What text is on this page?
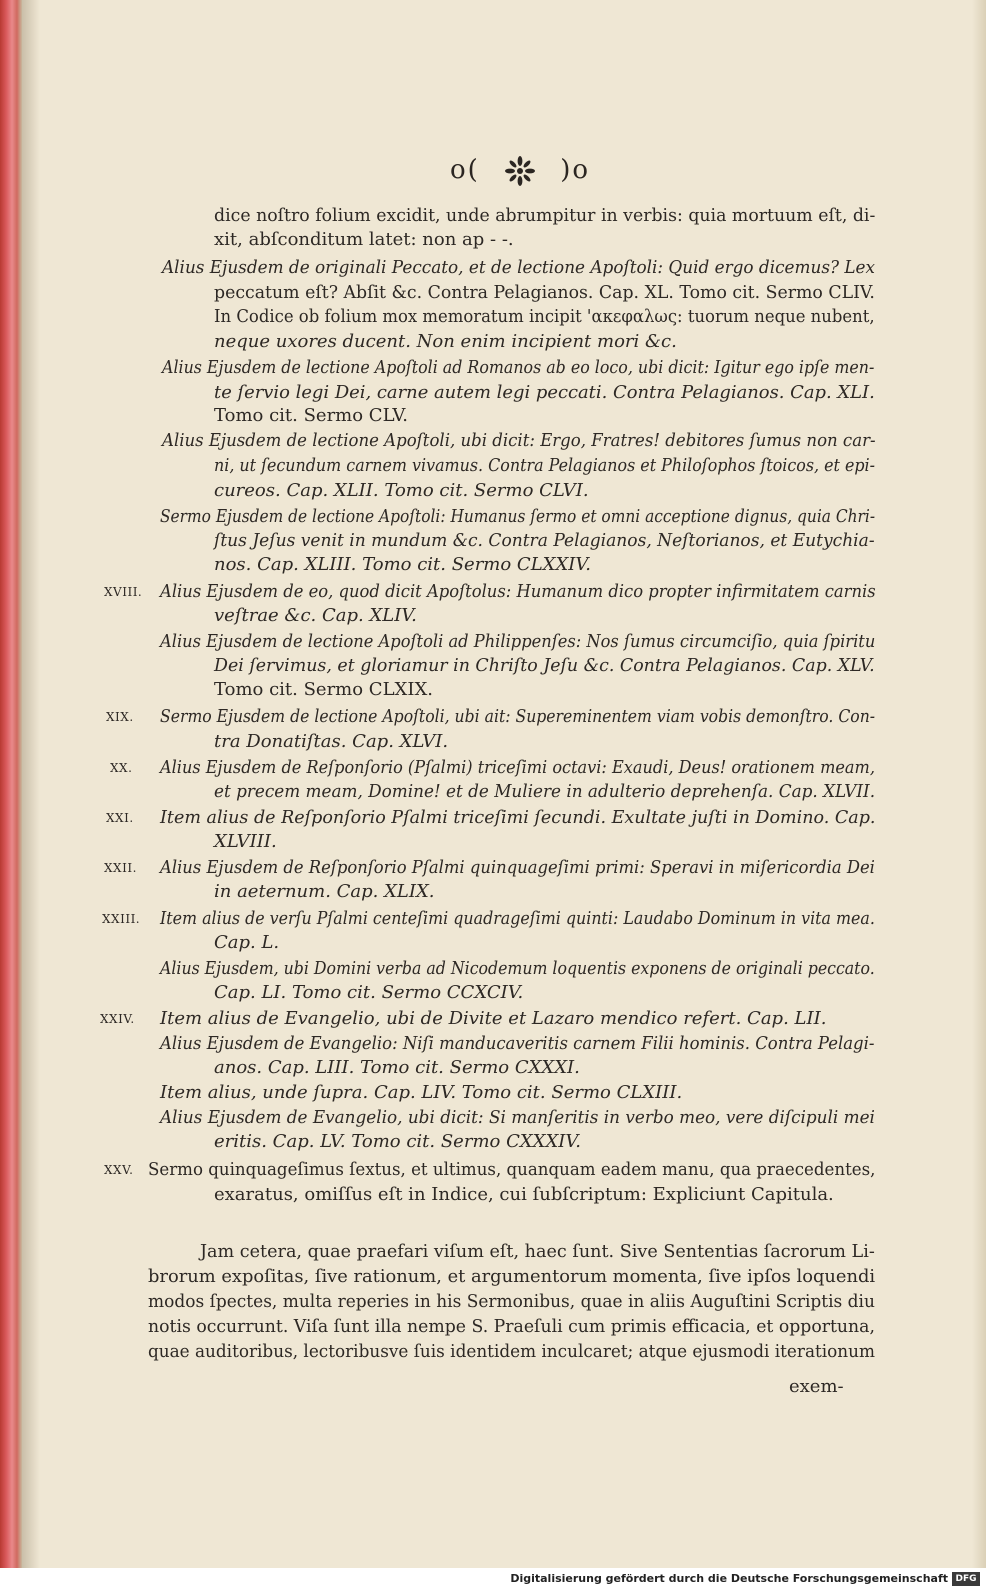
o(	)o
dice noſtro folium excidit, unde abrumpitur in verbis: quia mortuum eſt, di-
xit, abſconditum latet: non ap - -.
Alius Ejusdem de originali Peccato, et de lectione Apoſtoli: Quid ergo dicemus? Lex
peccatum eſt? Abſit &c. Contra Pelagianos. Cap. XL. Tomo cit. Sermo CLIV.
In Codice ob folium mox memoratum incipit 'ακεφαλως: tuorum neque nubent,
neque uxores ducent. Non enim incipient mori &c.
Alius Ejusdem de lectione Apoſtoli ad Romanos ab eo loco, ubi dicit: Igitur ego ipſe men-
te ſervio legi Dei, carne autem legi peccati. Contra Pelagianos. Cap. XLI.
Tomo cit. Sermo CLV.
Alius Ejusdem de lectione Apoſtoli, ubi dicit: Ergo, Fratres! debitores ſumus non car-
ni, ut ſecundum carnem vivamus. Contra Pelagianos et Philoſophos ſtoicos, et epi-
cureos. Cap. XLII. Tomo cit. Sermo CLVI.
Sermo Ejusdem de lectione Apoſtoli: Humanus ſermo et omni acceptione dignus, quia Chri-
ſtus Jeſus venit in mundum &c. Contra Pelagianos, Neſtorianos, et Eutychia-
nos. Cap. XLIII. Tomo cit. Sermo CLXXIV.
XVIII. Alius Ejusdem de eo, quod dicit Apoſtolus: Humanum dico propter infirmitatem carnis
veſtrae &c. Cap. XLIV.
Alius Ejusdem de lectione Apoſtoli ad Philippenſes: Nos ſumus circumciſio, quia ſpiritu
Dei ſervimus, et gloriamur in Chriſto Jeſu &c. Contra Pelagianos. Cap. XLV.
Tomo cit. Sermo CLXIX.
XIX. Sermo Ejusdem de lectione Apoſtoli, ubi ait: Supereminentem viam vobis demonſtro. Con-
tra Donatiſtas. Cap. XLVI.
XX. Alius Ejusdem de Reſponſorio (Pſalmi) triceſimi octavi: Exaudi, Deus! orationem meam,
et precem meam, Domine! et de Muliere in adulterio deprehenſa. Cap. XLVII.
XXI. Item alius de Reſponſorio Pſalmi triceſimi ſecundi. Exultate juſti in Domino. Cap.
XLVIII.
XXII. Alius Ejusdem de Reſponſorio Pſalmi quinquageſimi primi: Speravi in miſericordia Dei
in aeternum. Cap. XLIX.
XXIII. Item alius de verſu Pſalmi centeſimi quadrageſimi quinti: Laudabo Dominum in vita mea.
Cap. L.
Alius Ejusdem, ubi Domini verba ad Nicodemum loquentis exponens de originali peccato.
Cap. LI. Tomo cit. Sermo CCXCIV.
XXIV. Item alius de Evangelio, ubi de Divite et Lazaro mendico refert. Cap. LII.
Alius Ejusdem de Evangelio: Niſi manducaveritis carnem Filii hominis. Contra Pelagi-
anos. Cap. LIII. Tomo cit. Sermo CXXXI.
Item alius, unde ſupra. Cap. LIV. Tomo cit. Sermo CLXIII.
Alius Ejusdem de Evangelio, ubi dicit: Si manſeritis in verbo meo, vere diſcipuli mei
eritis. Cap. LV. Tomo cit. Sermo CXXXIV.
XXV. Sermo quinquageſimus ſextus, et ultimus, quanquam eadem manu, qua praecedentes,
exaratus, omiſſus eſt in Indice, cui ſubſcriptum: Expliciunt Capitula.
Jam cetera, quae praefari viſum eſt, haec ſunt. Sive Sententias ſacrorum Li-
brorum expoſitas, ſive rationum, et argumentorum momenta, ſive ipſos loquendi
modos ſpectes, multa reperies in his Sermonibus, quae in aliis Auguſtini Scriptis diu
notis occurrunt. Viſa ſunt illa nempe S. Praeſuli cum primis efficacia, et opportuna,
quae auditoribus, lectoribusve ſuis identidem inculcaret; atque ejusmodi iterationum
exem-
Digitalisierung gefördert durch die Deutsche Forschungsgemeinschaft DFG
